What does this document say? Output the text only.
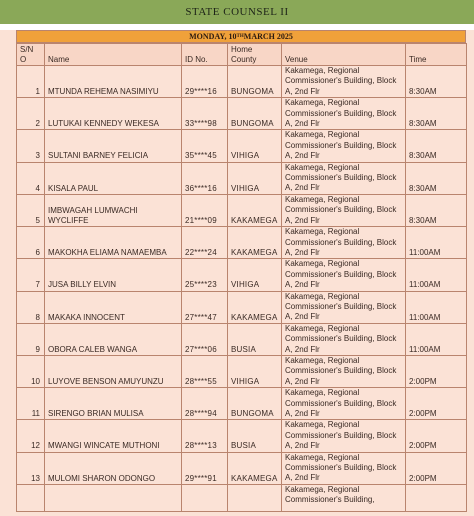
STATE COUNSEL II
MONDAY, 10 TH MARCH 2025
S/N
O	Name	ID No.	Home County	Venue	Time
1	MTUNDA REHEMA NASIMIYU	29****16	BUNGOMA	Kakamega, Regional Commissioner's Building, Block A, 2nd Flr	8:30AM
2	LUTUKAI KENNEDY WEKESA	33****98	BUNGOMA	Kakamega, Regional Commissioner's Building, Block A, 2nd Flr	8:30AM
3	SULTANI BARNEY FELICIA	35****45	VIHIGA	Kakamega, Regional Commissioner's Building, Block A, 2nd Flr	8:30AM
4	KISALA PAUL	36****16	VIHIGA	Kakamega, Regional Commissioner's Building, Block A, 2nd Flr	8:30AM
5	IMBWAGAH LUMWACHI WYCLIFFE	21****09	KAKAMEGA	Kakamega, Regional Commissioner's Building, Block A, 2nd Flr	8:30AM
6	MAKOKHA ELIAMA NAMAEMBA	22****24	KAKAMEGA	Kakamega, Regional Commissioner's Building, Block A, 2nd Flr	11:00AM
7	JUSA BILLY ELVIN	25****23	VIHIGA	Kakamega, Regional Commissioner's Building, Block A, 2nd Flr	11:00AM
8	MAKAKA INNOCENT	27****47	KAKAMEGA	Kakamega, Regional Commissioner's Building, Block A, 2nd Flr	11:00AM
9	OBORA CALEB WANGA	27****06	BUSIA	Kakamega, Regional Commissioner's Building, Block A, 2nd Flr	11:00AM
10	LUYOVE BENSON AMUYUNZU	28****55	VIHIGA	Kakamega, Regional Commissioner's Building, Block A, 2nd Flr	2:00PM
11	SIRENGO BRIAN MULISA	28****94	BUNGOMA	Kakamega, Regional Commissioner's Building, Block A, 2nd Flr	2:00PM
12	MWANGI WINCATE MUTHONI	28****13	BUSIA	Kakamega, Regional Commissioner's Building, Block A, 2nd Flr	2:00PM
13	MULOMI SHARON ODONGO	29****91	KAKAMEGA	Kakamega, Regional Commissioner's Building, Block A, 2nd Flr	2:00PM
				Kakamega, Regional Commissioner's Building,	
